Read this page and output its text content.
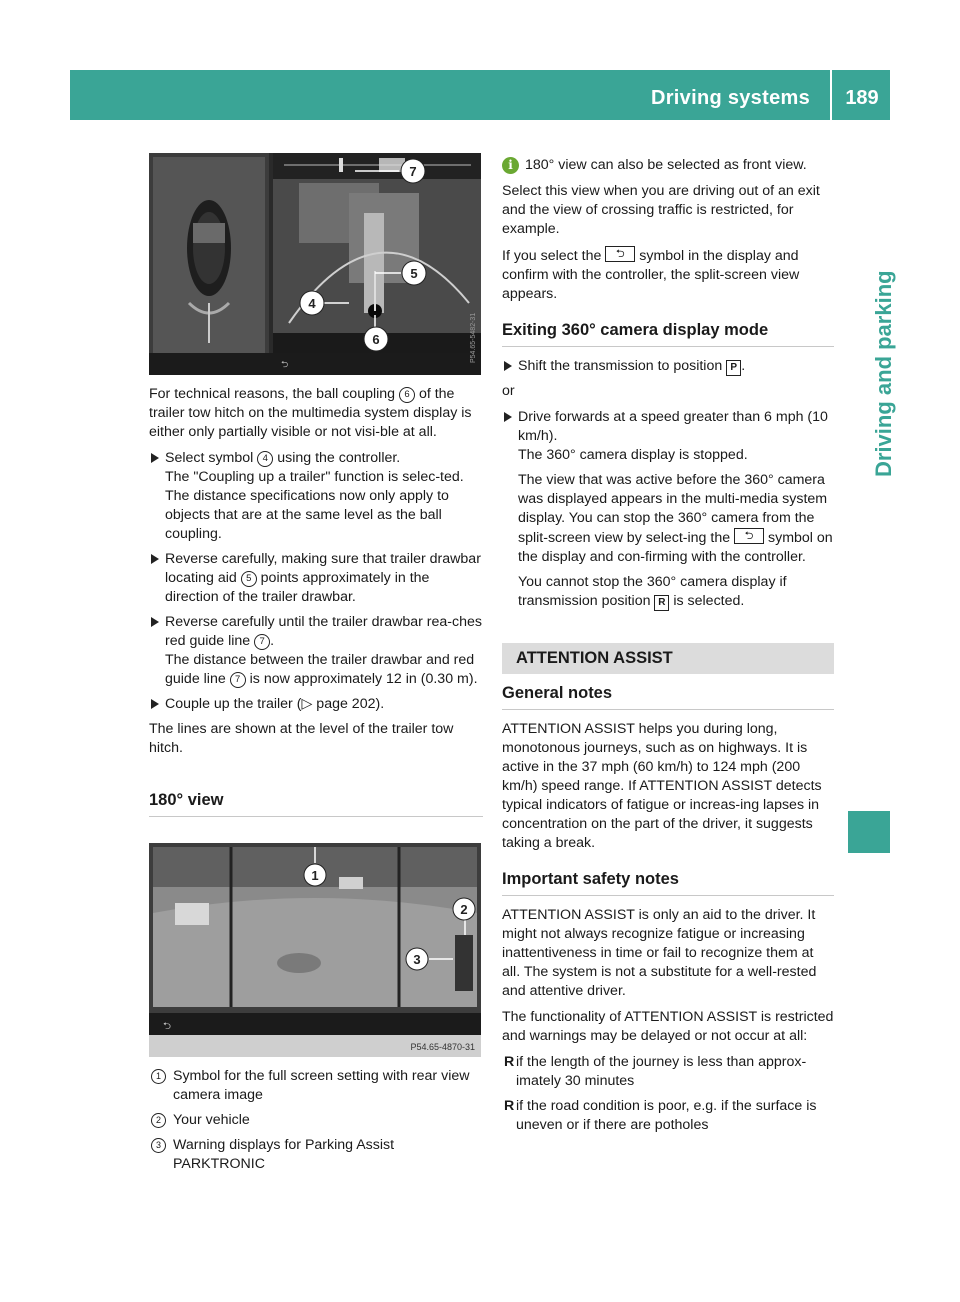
Driving systems	189
Driving and parking
⮌
P54.65-5482-31
7
5
6
4

For technical reasons, the ball coupling 6 of the trailer tow hitch on the multimedia system display is either only partially visible or not visi-ble at all.

Select symbol 4 using the controller.
The "Coupling up a trailer" function is selec-ted. The distance specifications now only apply to objects that are at the same level as the ball coupling.
Reverse carefully, making sure that trailer drawbar locating aid 5 points approximately in the direction of the trailer drawbar.
Reverse carefully until the trailer drawbar rea-ches red guide line 7 .
The distance between the trailer drawbar and red guide line 7 is now approximately 12 in (0.30 m).
Couple up the trailer (▷ page 202).

The lines are shown at the level of the trailer tow hitch.

180° view
⮌
P54.65-4870-31
1
2
3
1 Symbol for the full screen setting with rear view camera image
2 Your vehicle
3 Warning displays for Parking Assist PARKTRONIC

i 180° view can also be selected as front view.

Select this view when you are driving out of an exit and the view of crossing traffic is restricted, for example.

If you select the ⮌ symbol in the display and confirm with the controller, the split-screen view appears.

Exiting 360° camera display mode
Shift the transmission to position P .

or

Drive forwards at a speed greater than 6 mph (10 km/h).
The 360° camera display is stopped.
The view that was active before the 360° camera was displayed appears in the multi-media system display. You can stop the 360° camera from the split-screen view by select-ing the ⮌ symbol on the display and con-firming with the controller.
You cannot stop the 360° camera display if transmission position R is selected.
ATTENTION ASSIST
General notes

ATTENTION ASSIST helps you during long, monotonous journeys, such as on highways. It is active in the 37 mph (60 km/h) to 124 mph (200 km/h) speed range. If ATTENTION ASSIST detects typical indicators of fatigue or increas-ing lapses in concentration on the part of the driver, it suggests taking a break.

Important safety notes

ATTENTION ASSIST is only an aid to the driver. It might not always recognize fatigue or increasing inattentiveness in time or fail to recognize them at all. The system is not a substitute for a well-rested and attentive driver.

The functionality of ATTENTION ASSIST is restricted and warnings may be delayed or not occur at all:

R if the length of the journey is less than approx-imately 30 minutes
R if the road condition is poor, e.g. if the surface is uneven or if there are potholes
